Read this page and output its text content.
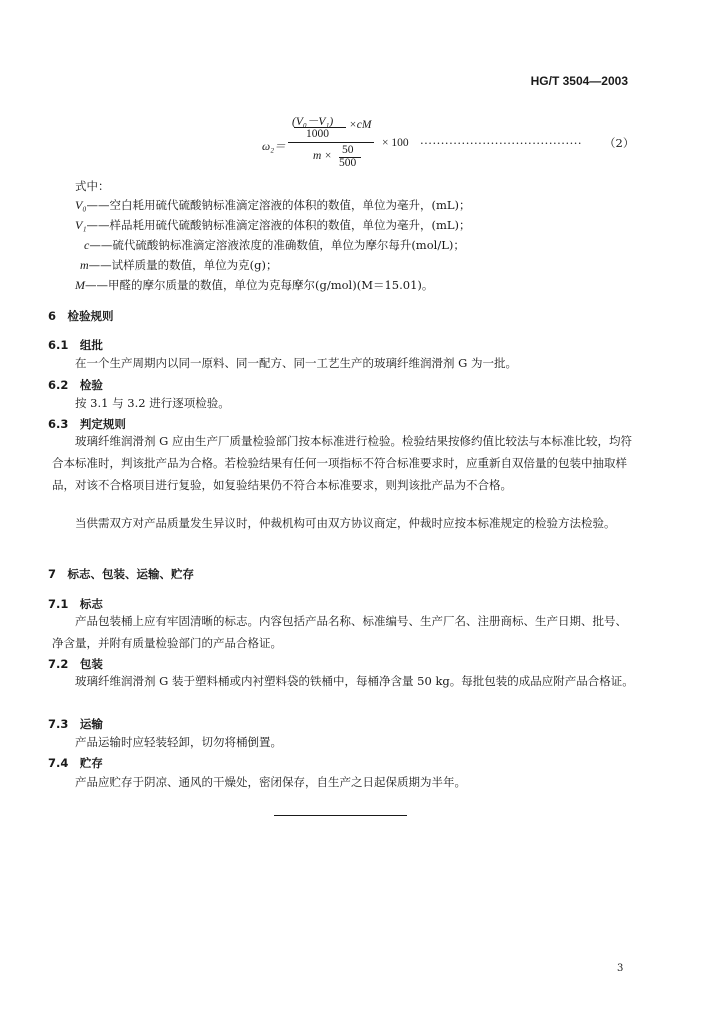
HG/T 3504—2003
ω₂＝
(V₀－V₁) ×cM
1000
m × 50
500
× 100 ······································· （2）
式中：
V₀——空白耗用硫代硫酸钠标准滴定溶液的体积的数值，单位为毫升，(mL)；
V₁——样品耗用硫代硫酸钠标准滴定溶液的体积的数值，单位为毫升，(mL)；
c——硫代硫酸钠标准滴定溶液浓度的准确数值，单位为摩尔每升(mol/L)；
m——试样质量的数值，单位为克(g)；
M——甲醛的摩尔质量的数值，单位为克每摩尔(g/mol)(M＝15.01)。
6　检验规则
6.1　组批
在一个生产周期内以同一原料、同一配方、同一工艺生产的玻璃纤维润滑剂 G 为一批。
6.2　检验
按 3.1 与 3.2 进行逐项检验。
6.3　判定规则
玻璃纤维润滑剂 G 应由生产厂质量检验部门按本标准进行检验。检验结果按修约值比较法与本标准比较，均符合本标准时，判该批产品为合格。若检验结果有任何一项指标不符合标准要求时，应重新自双倍量的包装中抽取样品，对该不合格项目进行复验，如复验结果仍不符合本标准要求，则判该批产品为不合格。
当供需双方对产品质量发生异议时，仲裁机构可由双方协议商定，仲裁时应按本标准规定的检验方法检验。
7　标志、包装、运输、贮存
7.1　标志
产品包装桶上应有牢固清晰的标志。内容包括产品名称、标准编号、生产厂名、注册商标、生产日期、批号、净含量，并附有质量检验部门的产品合格证。
7.2　包装
玻璃纤维润滑剂 G 装于塑料桶或内衬塑料袋的铁桶中，每桶净含量 50 kg。每批包装的成品应附产品合格证。
7.3　运输
产品运输时应轻装轻卸，切勿将桶倒置。
7.4　贮存
产品应贮存于阴凉、通风的干燥处，密闭保存，自生产之日起保质期为半年。
3
